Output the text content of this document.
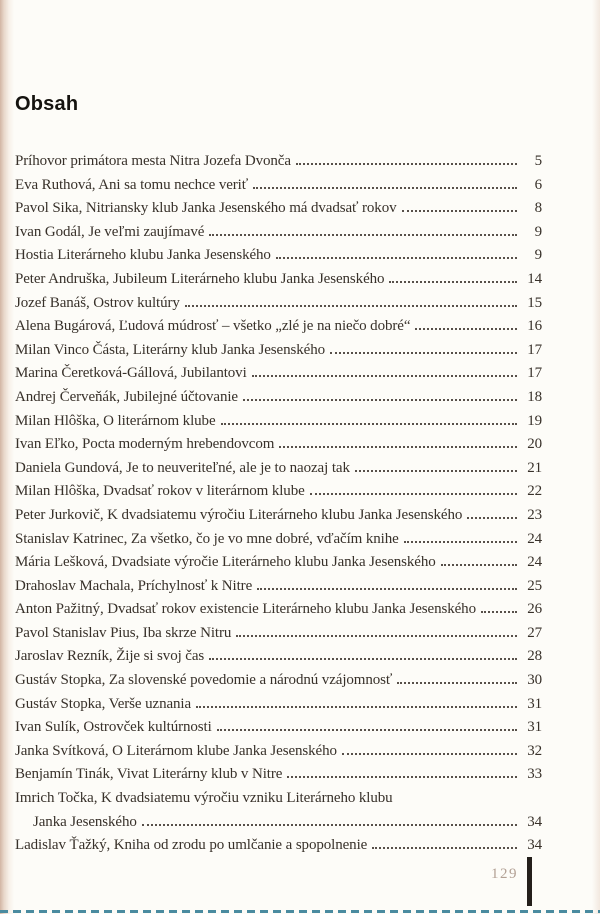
Obsah
Príhovor primátora mesta Nitra Jozefa Dvonča	5
Eva Ruthová, Ani sa tomu nechce veriť	6
Pavol Sika, Nitriansky klub Janka Jesenského má dvadsať rokov	8
Ivan Godál, Je veľmi zaujímavé	9
Hostia Literárneho klubu Janka Jesenského	9
Peter Andruška, Jubileum Literárneho klubu Janka Jesenského	14
Jozef Banáš, Ostrov kultúry	15
Alena Bugárová, Ľudová múdrosť – všetko „zlé je na niečo dobré“	16
Milan Vinco Částa, Literárny klub Janka Jesenského	17
Marina Čeretková-Gállová, Jubilantovi	17
Andrej Červeňák, Jubilejné účtovanie	18
Milan Hlôška, O literárnom klube	19
Ivan Eľko, Pocta moderným hrebendovcom	20
Daniela Gundová, Je to neuveriteľné, ale je to naozaj tak	21
Milan Hlôška, Dvadsať rokov v literárnom klube	22
Peter Jurkovič, K dvadsiatemu výročiu Literárneho klubu Janka Jesenského	23
Stanislav Katrinec, Za všetko, čo je vo mne dobré, vďačím knihe	24
Mária Lešková, Dvadsiate výročie Literárneho klubu Janka Jesenského	24
Drahoslav Machala, Príchylnosť k Nitre	25
Anton Pažitný, Dvadsať rokov existencie Literárneho klubu Janka Jesenského	26
Pavol Stanislav Pius, Iba skrze Nitru	27
Jaroslav Rezník, Žije si svoj čas	28
Gustáv Stopka, Za slovenské povedomie a národnú vzájomnosť	30
Gustáv Stopka, Verše uznania	31
Ivan Sulík, Ostrovček kultúrnosti	31
Janka Svítková, O Literárnom klube Janka Jesenského	32
Benjamín Tinák, Vivat Literárny klub v Nitre	33
Imrich Točka, K dvadsiatemu výročiu vzniku Literárneho klubu
Janka Jesenského	34
Ladislav Ťažký, Kniha od zrodu po umlčanie a spopolnenie	34
129
